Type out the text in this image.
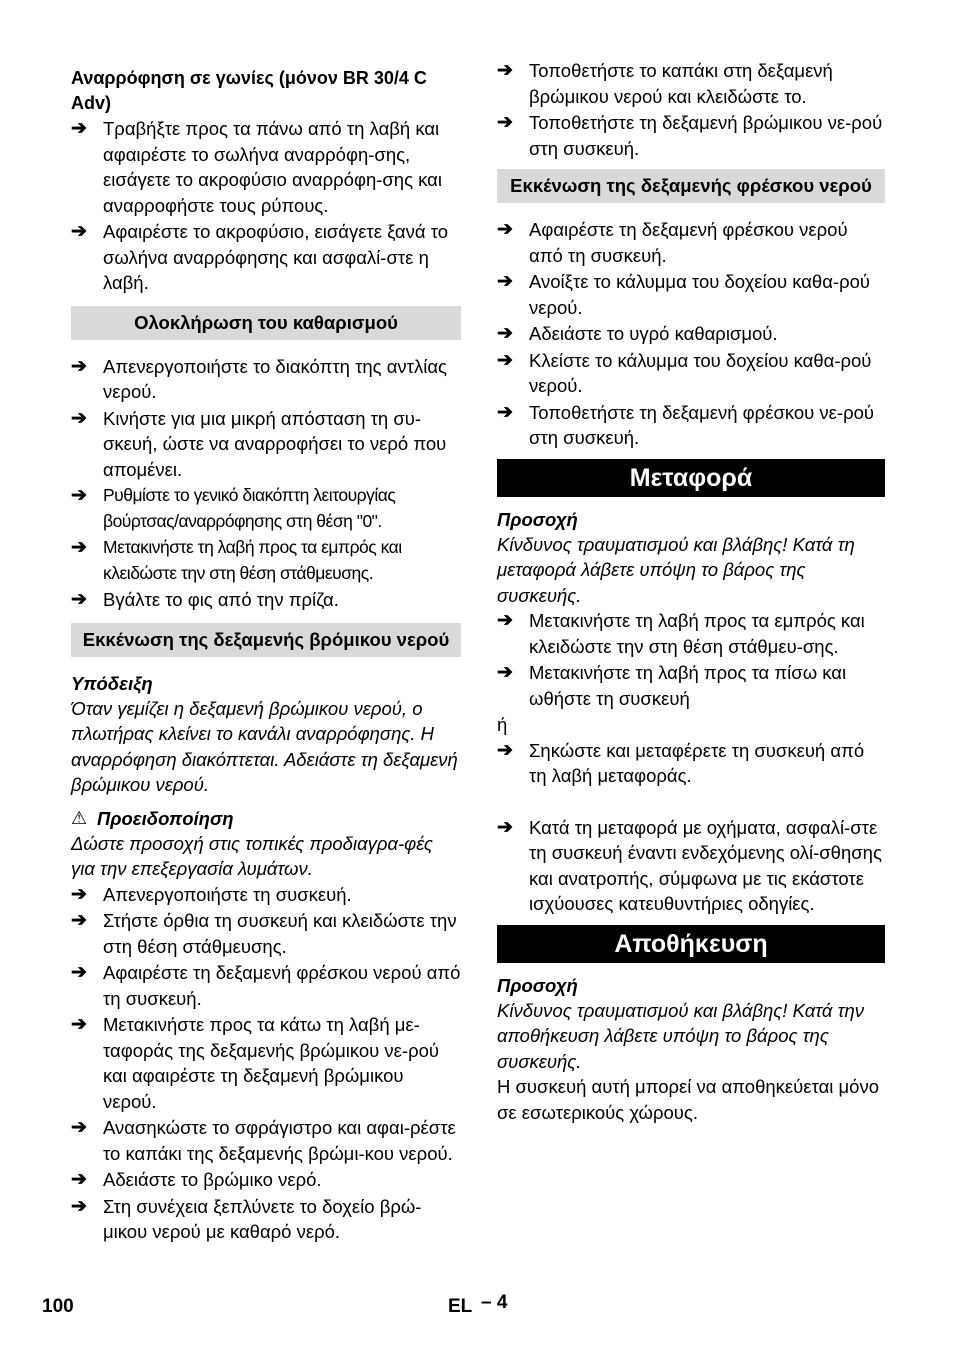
Αναρρόφηση σε γωνίες (μόνον BR 30/4 C Adv)

➔ Τραβήξτε προς τα πάνω από τη λαβή και αφαιρέστε το σωλήνα αναρρόφη-σης, εισάγετε το ακροφύσιο αναρρόφη-σης και αναρροφήστε τους ρύπους.
➔ Αφαιρέστε το ακροφύσιο, εισάγετε ξανά το σωλήνα αναρρόφησης και ασφαλί-στε η λαβή.
Ολοκλήρωση του καθαρισμού
➔ Απενεργοποιήστε το διακόπτη της αντλίας νερού.
➔ Κινήστε για μια μικρή απόσταση τη συ-σκευή, ώστε να αναρροφήσει το νερό που απομένει.
➔ Ρυθμίστε το γενικό διακόπτη λειτουργίας βούρτσας/αναρρόφησης στη θέση "0".
➔ Μετακινήστε τη λαβή προς τα εμπρός και κλειδώστε την στη θέση στάθμευσης.
➔ Βγάλτε το φις από την πρίζα.
Εκκένωση της δεξαμενής βρόμικου νερού

Υπόδειξη

Όταν γεμίζει η δεξαμενή βρώμικου νερού, ο πλωτήρας κλείνει το κανάλι αναρρόφησης. Η αναρρόφηση διακόπτεται. Αδειάστε τη δεξαμενή βρώμικου νερού.

⚠ Προειδοποίηση

Δώστε προσοχή στις τοπικές προδιαγρα-φές για την επεξεργασία λυμάτων.

➔ Απενεργοποιήστε τη συσκευή.
➔ Στήστε όρθια τη συσκευή και κλειδώστε την στη θέση στάθμευσης.
➔ Αφαιρέστε τη δεξαμενή φρέσκου νερού από τη συσκευή.
➔ Μετακινήστε προς τα κάτω τη λαβή με-ταφοράς της δεξαμενής βρώμικου νε-ρού και αφαιρέστε τη δεξαμενή βρώμικου νερού.
➔ Ανασηκώστε το σφράγιστρο και αφαι-ρέστε το καπάκι της δεξαμενής βρώμι-κου νερού.
➔ Αδειάστε το βρώμικο νερό.
➔ Στη συνέχεια ξεπλύνετε το δοχείο βρώ-μικου νερού με καθαρό νερό.
➔ Τοποθετήστε το καπάκι στη δεξαμενή βρώμικου νερού και κλειδώστε το.
➔ Τοποθετήστε τη δεξαμενή βρώμικου νε-ρού στη συσκευή.
Εκκένωση της δεξαμενής φρέσκου νερού
➔ Αφαιρέστε τη δεξαμενή φρέσκου νερού από τη συσκευή.
➔ Ανοίξτε το κάλυμμα του δοχείου καθα-ρού νερού.
➔ Αδειάστε το υγρό καθαρισμού.
➔ Κλείστε το κάλυμμα του δοχείου καθα-ρού νερού.
➔ Τοποθετήστε τη δεξαμενή φρέσκου νε-ρού στη συσκευή.
Μεταφορά

Προσοχή

Κίνδυνος τραυματισμού και βλάβης! Κατά τη μεταφορά λάβετε υπόψη το βάρος της συσκευής.

➔ Μετακινήστε τη λαβή προς τα εμπρός και κλειδώστε την στη θέση στάθμευ-σης.
➔ Μετακινήστε τη λαβή προς τα πίσω και ωθήστε τη συσκευή

ή

➔ Σηκώστε και μεταφέρετε τη συσκευή από τη λαβή μεταφοράς.
➔ Κατά τη μεταφορά με οχήματα, ασφαλί-στε τη συσκευή έναντι ενδεχόμενης ολί-σθησης και ανατροπής, σύμφωνα με τις εκάστοτε ισχύουσες κατευθυντήριες οδηγίες.
Αποθήκευση

Προσοχή

Κίνδυνος τραυματισμού και βλάβης! Κατά την αποθήκευση λάβετε υπόψη το βάρος της συσκευής.

Η συσκευή αυτή μπορεί να αποθηκεύεται μόνο σε εσωτερικούς χώρους.

100	EL – 4
